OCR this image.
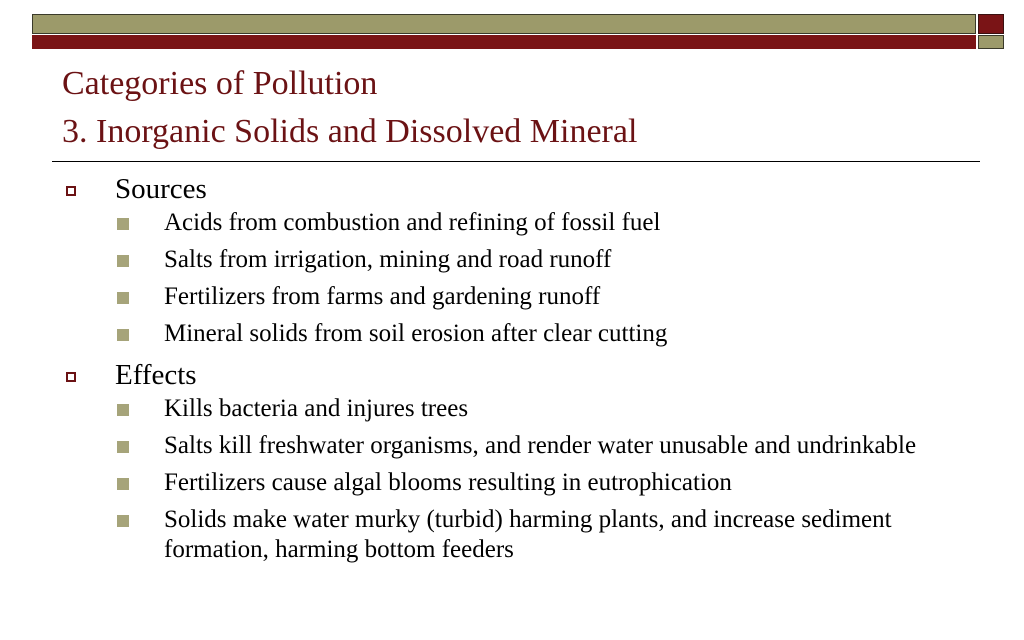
Categories of Pollution
3. Inorganic Solids and Dissolved Mineral
Sources
Acids from combustion and refining of fossil fuel
Salts from irrigation, mining and road runoff
Fertilizers from farms and gardening runoff
Mineral solids from soil erosion after clear cutting
Effects
Kills bacteria and injures trees
Salts kill freshwater organisms, and render water unusable and undrinkable
Fertilizers cause algal blooms resulting in eutrophication
Solids make water murky (turbid) harming plants, and increase sediment formation, harming bottom feeders
